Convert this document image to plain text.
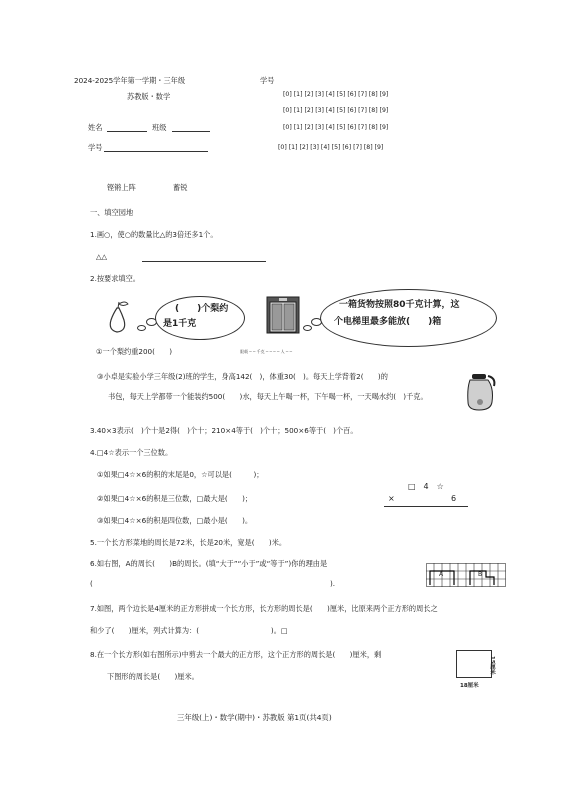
2024-2025学年第一学期・三年级	学号
苏教版・数学	[0] [1] [2] [3] [4] [5] [6] [7] [8] [9]
[0] [1] [2] [3] [4] [5] [6] [7] [8] [9]
[0] [1] [2] [3] [4] [5] [6] [7] [8] [9]
[0] [1] [2] [3] [4] [5] [6] [7] [8] [9]
姓名	班级
学号
铿锵上阵	蓄锐
一、填空园地
1.画○，使○的数量比△的3倍还多1个。
△△
2.按要求填空。
(　　)个梨约
是1千克
一箱货物按照80千克计算，这
个电梯里最多能放(　　)箱
①一个梨约重200(　　)	限载 ─ ─ 千克 ─ ─ ─ ─ 人 ─ ─
③小卓是实验小学三年级(2)班的学生，身高142(　)，体重30(　)。每天上学背着2(　　)的
书包，每天上学都带一个能装约500(　　)水，每天上午喝一杯，下午喝一杯，一天喝水约(　)千克。
3.40×3表示(　)个十是2得(　)个十；210×4等于(　)个十；500×6等于(　)个百。
4.□4☆表示一个三位数。
①如果□4☆×6的积的末尾是0，☆可以是(　　　)；
②如果□4☆×6的积是三位数，□最大是(　　)；
③如果□4☆×6的积是四位数，□最小是(　　)。
□　4　☆
×	6
5.一个长方形菜地的周长是72米，长是20米，宽是(　　)米。
6.如右图，A的周长(　　)B的周长。(填“大于”“小于”或“等于”)你的理由是
(　　　　　　　　　　　　　　　　　　　　　　　　　　　　　　　　　).
A	B
7.如图，两个边长是4厘米的正方形拼成一个长方形，长方形的周长是(　　)厘米，比原来两个正方形的周长之
和少了(　　)厘米，列式计算为：(　　　　　　　　　　)。□
8.在一个长方形(如右图所示)中剪去一个最大的正方形，这个正方形的周长是(　　)厘米，剩
下图形的周长是(　　)厘米。
15厘米
18厘米
三年级(上)・数学(期中)・苏教版 第1页(共4页)
